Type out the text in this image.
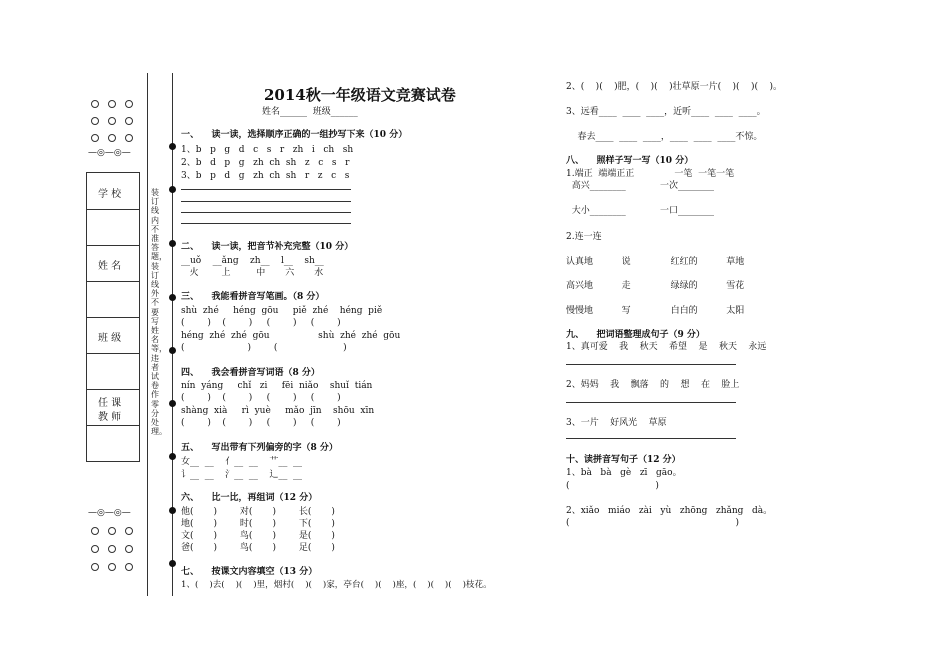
—◎—◎—
学 校
姓 名
班 级
任 课
教 师
—◎—◎—
装订线内不准答题，装订线外不要写姓名等，违者试卷作零分处理。
2014秋一年级语文竞赛试卷
姓名______  班级______
一、    读一读，选择顺序正确的一组抄写下来（10 分）
1、b   p   g   d   c   s   r   zh   i   ch   sh
2、b   d   p   g   zh  ch  sh   z   c   s   r
3、b   p   d   g   zh  ch  sh   r   z   c   s
二、    读一读，把音节补充完整（10 分）
__uǒ    __ǎng    zh__    l__    sh__
火        上         中       六       水
三、    我能看拼音写笔画。（8 分）
shù  zhé     héng  gōu     piě  zhé    héng  piě
(        )    (        )     (        )     (        )
héng  zhé  zhé  gōu                 shù  zhé  zhé  gōu
(                      )        (                       )
四、    我会看拼音写词语（8 分）
nín  yáng     chǐ   zi     fēi  niǎo    shuǐ  tián
(        )    (        )     (        )     (        )
shàng  xià     rì  yuè     mǎo  jīn    shōu  xīn
(        )    (        )     (        )     (        )
五、    写出带有下列偏旁的字（8 分）
女__  __    亻__  __    艹__  __
讠__  __    氵__  __    辶__  __
六、    比一比，再组词（12 分）
他(       )        对(       )        长(       )
地(       )        时(       )        下(       )
文(       )        鸟(       )        是(       )
爸(       )        鸟(       )        足(       )
七、    按课文内容填空（13 分）
1、(    )去(    )(    )里，烟村(    )(    )家，亭台(    )(    )座，(    )(    )(    )枝花。
2、(    )(    )肥，(    )(    )壮草原一片(    )(    )(    )。
3、远看____  ____  ____，近听____  ____  ____。
春去____  ____  ____，____  ____  ____不惊。
八、    照样子写一写（10 分）
1.端正  端端正正              一笔  一笔一笔
高兴________            一次________
大小________            一口________
2.连一连
认真地          说              红红的          草地
高兴地          走              绿绿的          雪花
慢慢地          写              白白的          太阳
九、    把词语整理成句子（9 分）
1、真可爱    我    秋天    希望    是    秋天    永远
2、妈妈    我    飘落    的    想    在    脸上
3、一片    好风光    草原
十、读拼音写句子（12 分）
1、bà   bà   gè   zī   gāo。
(                              )
2、xiǎo   miáo   zài   yù   zhōng   zhǎng   dà。
(                                                          )
